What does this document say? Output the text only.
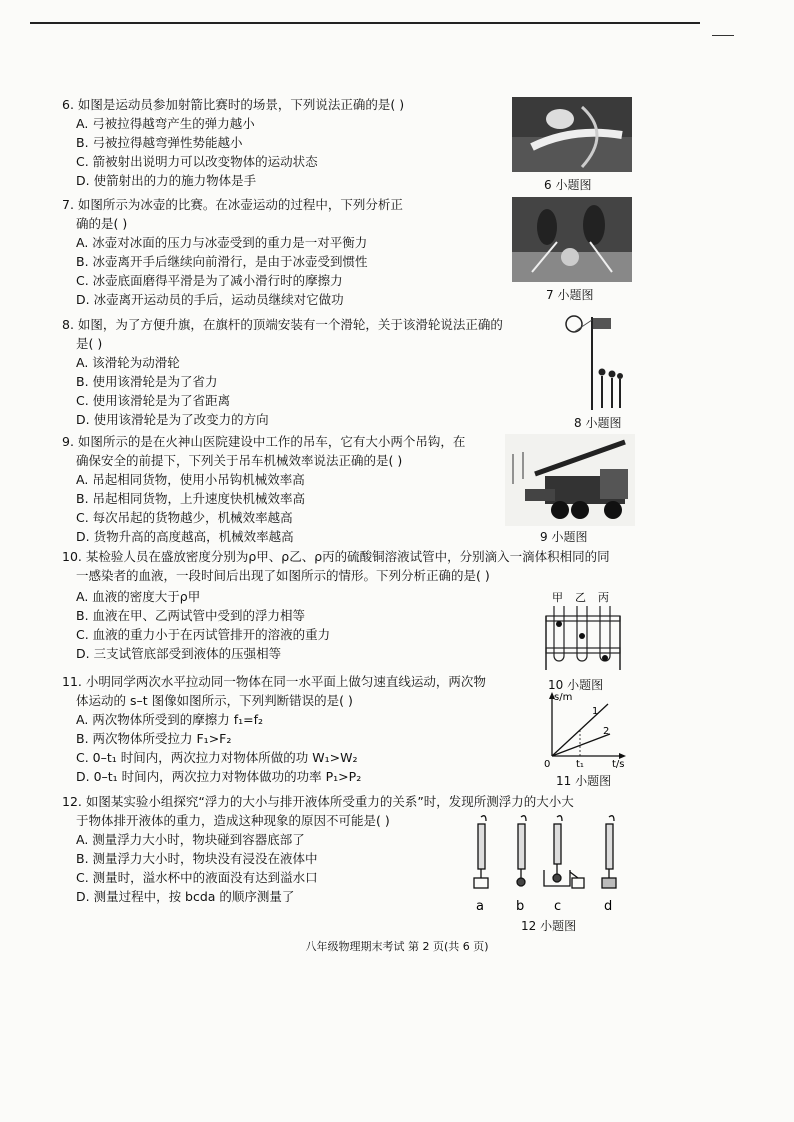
6. 如图是运动员参加射箭比赛时的场景，下列说法正确的是( )
A. 弓被拉得越弯产生的弹力越小
B. 弓被拉得越弯弹性势能越小
C. 箭被射出说明力可以改变物体的运动状态
D. 使箭射出的力的施力物体是手	6 小题图
7. 如图所示为冰壶的比赛。在冰壶运动的过程中，下列分析正
确的是( )
A. 冰壶对冰面的压力与冰壶受到的重力是一对平衡力
B. 冰壶离开手后继续向前滑行，是由于冰壶受到惯性
C. 冰壶底面磨得平滑是为了减小滑行时的摩擦力
D. 冰壶离开运动员的手后，运动员继续对它做功	7 小题图
8. 如图，为了方便升旗，在旗杆的顶端安装有一个滑轮，关于该滑轮说法正确的
是( )
A. 该滑轮为动滑轮
B. 使用该滑轮是为了省力
C. 使用该滑轮是为了省距离
D. 使用该滑轮是为了改变力的方向	8 小题图
9. 如图所示的是在火神山医院建设中工作的吊车，它有大小两个吊钩，在
确保安全的前提下，下列关于吊车机械效率说法正确的是( )
A. 吊起相同货物，使用小吊钩机械效率高
B. 吊起相同货物，上升速度快机械效率高
C. 每次吊起的货物越少，机械效率越高
D. 货物升高的高度越高，机械效率越高	9 小题图
10. 某检验人员在盛放密度分别为ρ甲、ρ乙、ρ丙的硫酸铜溶液试管中，分别滴入一滴体积相同的同
一感染者的血液，一段时间后出现了如图所示的情形。下列分析正确的是( )
A. 血液的密度大于ρ甲
B. 血液在甲、乙两试管中受到的浮力相等
C. 血液的重力小于在丙试管排开的溶液的重力
D. 三支试管底部受到液体的压强相等
甲 乙 丙
10 小题图
11. 小明同学两次水平拉动同一物体在同一水平面上做匀速直线运动，两次物
体运动的 s–t 图像如图所示，下列判断错误的是( )
A. 两次物体所受到的摩擦力 f₁=f₂
B. 两次物体所受拉力 F₁>F₂
C. 0–t₁ 时间内，两次拉力对物体所做的功 W₁>W₂
D. 0–t₁ 时间内，两次拉力对物体做功的功率 P₁>P₂
s/m
t/s
0	t₁
1
2
11 小题图
12. 如图某实验小组探究“浮力的大小与排开液体所受重力的关系”时，发现所测浮力的大小大
于物体排开液体的重力，造成这种现象的原因不可能是( )
A. 测量浮力大小时，物块碰到容器底部了
B. 测量浮力大小时，物块没有浸没在液体中
C. 测量时，溢水杯中的液面没有达到溢水口
D. 测量过程中，按 bcda 的顺序测量了
a b c	d
12 小题图
八年级物理期末考试 第 2 页(共 6 页)
